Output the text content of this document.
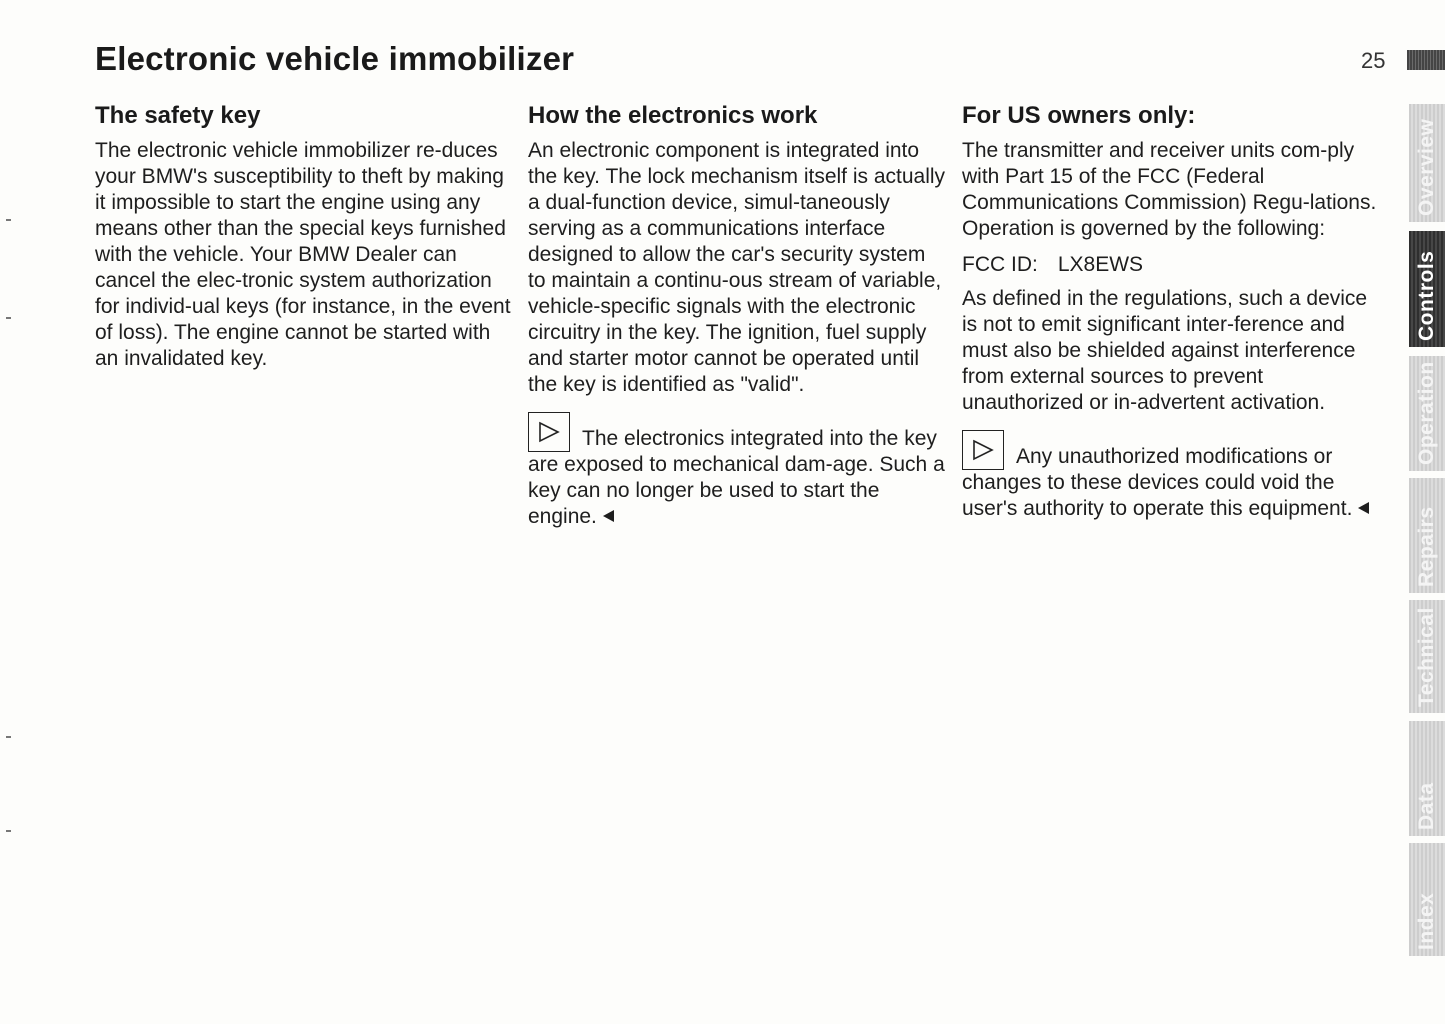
Electronic vehicle immobilizer	25
The safety key

The electronic vehicle immobilizer re-duces your BMW's susceptibility to theft by making it impossible to start the engine using any means other than the special keys furnished with the vehicle. Your BMW Dealer can cancel the elec-tronic system authorization for individ-ual keys (for instance, in the event of loss). The engine cannot be started with an invalidated key.

How the electronics work

An electronic component is integrated into the key. The lock mechanism itself is actually a dual-function device, simul-taneously serving as a communications interface designed to allow the car's security system to maintain a continu-ous stream of variable, vehicle-specific signals with the electronic circuitry in the key. The ignition, fuel supply and starter motor cannot be operated until the key is identified as "valid".

The electronics integrated into the key are exposed to mechanical dam-age. Such a key can no longer be used to start the engine.
For US owners only:

The transmitter and receiver units com-ply with Part 15 of the FCC (Federal Communications Commission) Regu-lations. Operation is governed by the following:

FCC ID: LX8EWS

As defined in the regulations, such a device is not to emit significant inter-ference and must also be shielded against interference from external sources to prevent unauthorized or in-advertent activation.

Any unauthorized modifications or changes to these devices could void the user's authority to operate this equipment.
Overview
Controls
Operation
Repairs
Technical
Data
Index
